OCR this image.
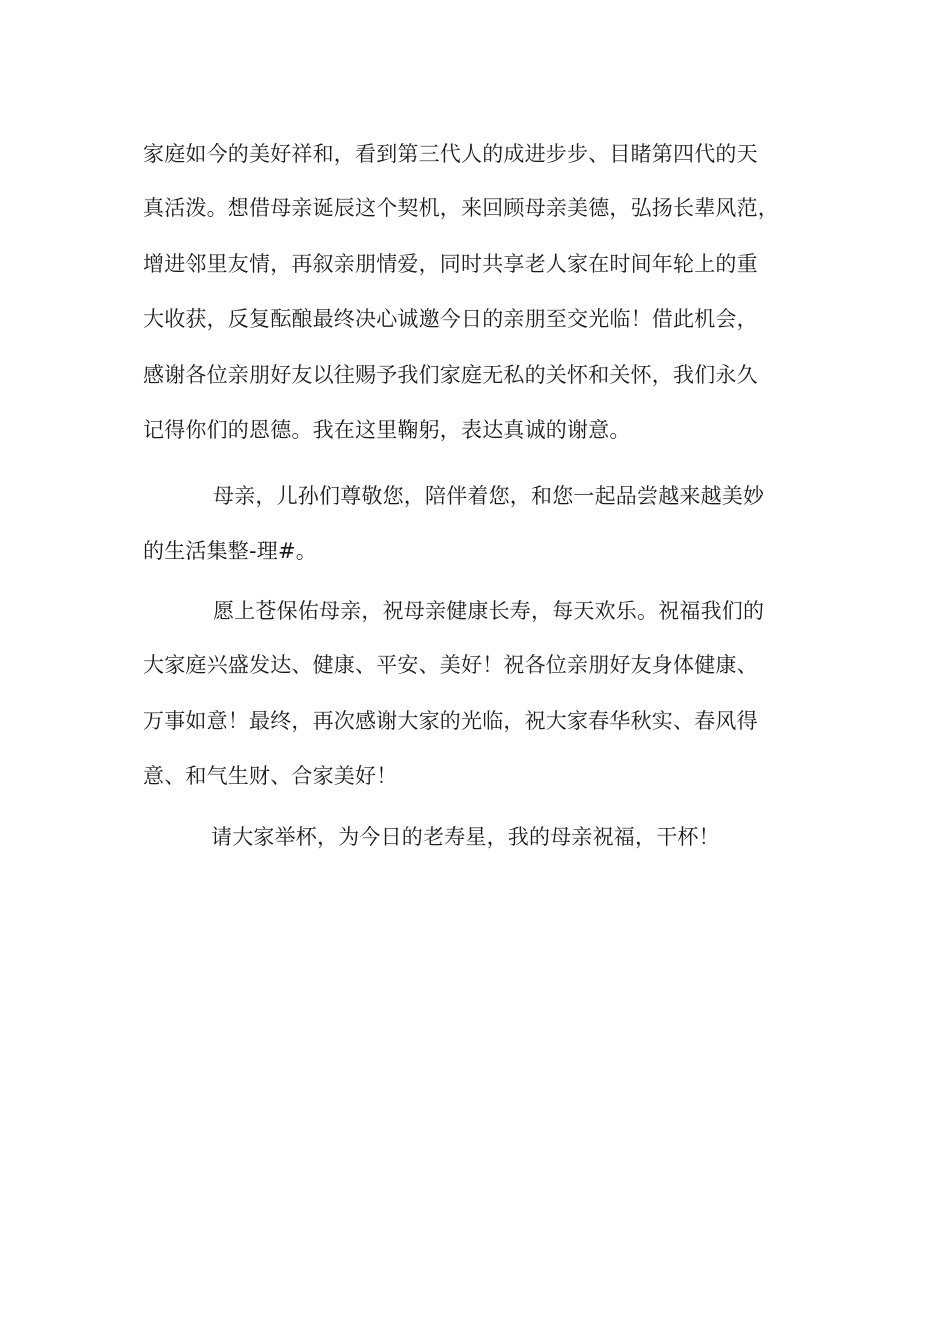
家庭如今的美好祥和，看到第三代人的成进步步、目睹第四代的天
真活泼。想借母亲诞辰这个契机，来回顾母亲美德，弘扬长辈风范，
增进邻里友情，再叙亲朋情爱，同时共享老人家在时间年轮上的重
大收获，反复酝酿最终决心诚邀今日的亲朋至交光临！借此机会，
感谢各位亲朋好友以往赐予我们家庭无私的关怀和关怀，我们永久
记得你们的恩德。我在这里鞠躬，表达真诚的谢意。
母亲，儿孙们尊敬您，陪伴着您，和您一起品尝越来越美妙
的生活集整-理#。
愿上苍保佑母亲，祝母亲健康长寿，每天欢乐。祝福我们的
大家庭兴盛发达、健康、平安、美好！祝各位亲朋好友身体健康、
万事如意！最终，再次感谢大家的光临，祝大家春华秋实、春风得
意、和气生财、合家美好！
请大家举杯，为今日的老寿星，我的母亲祝福，干杯！
